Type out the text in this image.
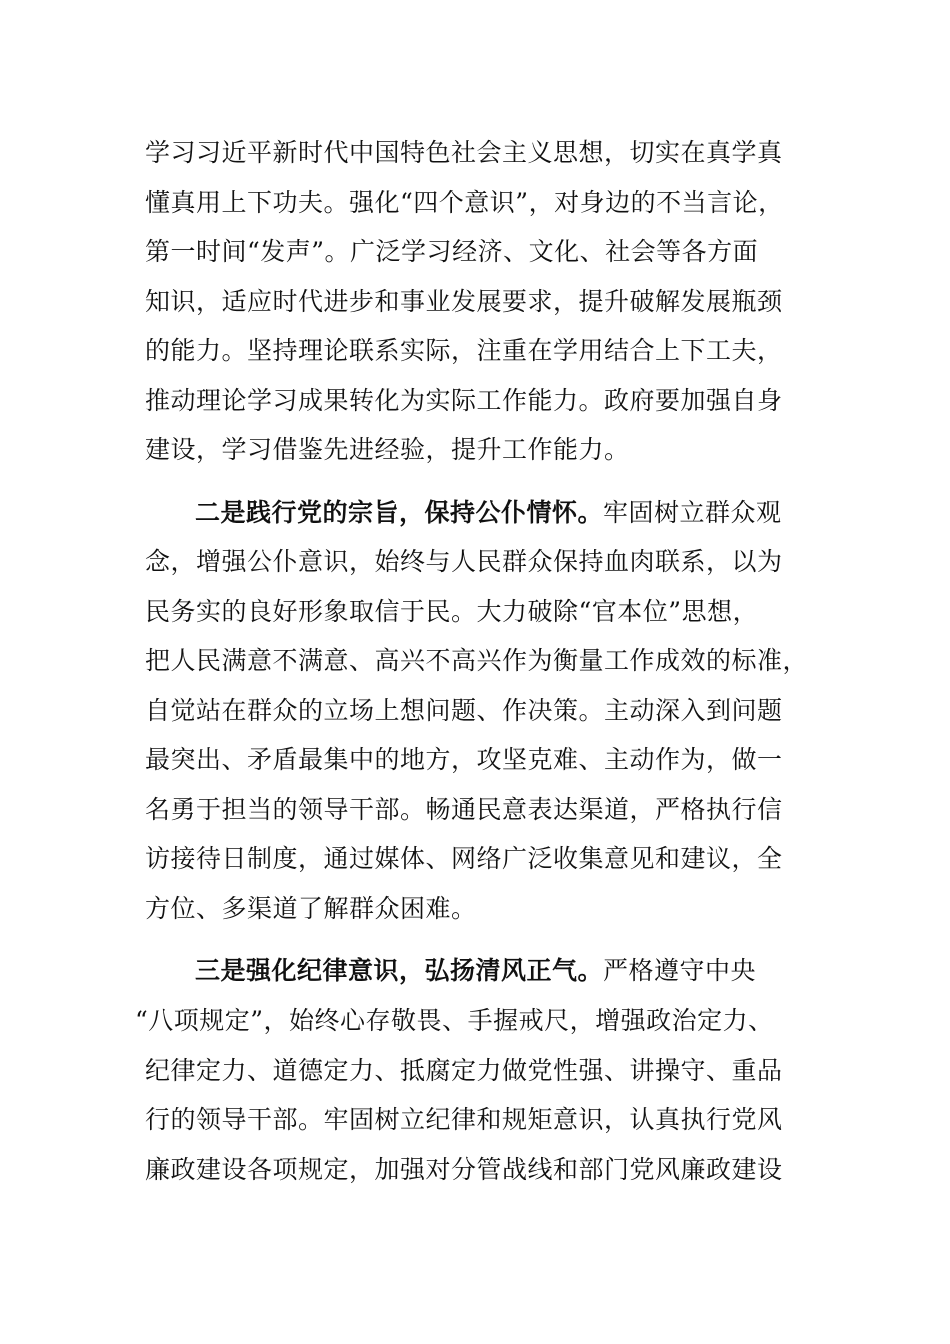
学习习近平新时代中国特色社会主义思想，切实在真学真
懂真用上下功夫。强化“四个意识”，对身边的不当言论，
第一时间“发声”。广泛学习经济、文化、社会等各方面
知识，适应时代进步和事业发展要求，提升破解发展瓶颈
的能力。坚持理论联系实际，注重在学用结合上下工夫，
推动理论学习成果转化为实际工作能力。政府要加强自身
建设，学习借鉴先进经验，提升工作能力。
二是践行党的宗旨，保持公仆情怀。牢固树立群众观
念，增强公仆意识，始终与人民群众保持血肉联系，以为
民务实的良好形象取信于民。大力破除“官本位”思想，
把人民满意不满意、高兴不高兴作为衡量工作成效的标准，
自觉站在群众的立场上想问题、作决策。主动深入到问题
最突出、矛盾最集中的地方，攻坚克难、主动作为，做一
名勇于担当的领导干部。畅通民意表达渠道，严格执行信
访接待日制度，通过媒体、网络广泛收集意见和建议，全
方位、多渠道了解群众困难。
三是强化纪律意识，弘扬清风正气。严格遵守中央
“八项规定”，始终心存敬畏、手握戒尺，增强政治定力、
纪律定力、道德定力、抵腐定力做党性强、讲操守、重品
行的领导干部。牢固树立纪律和规矩意识，认真执行党风
廉政建设各项规定，加强对分管战线和部门党风廉政建设
